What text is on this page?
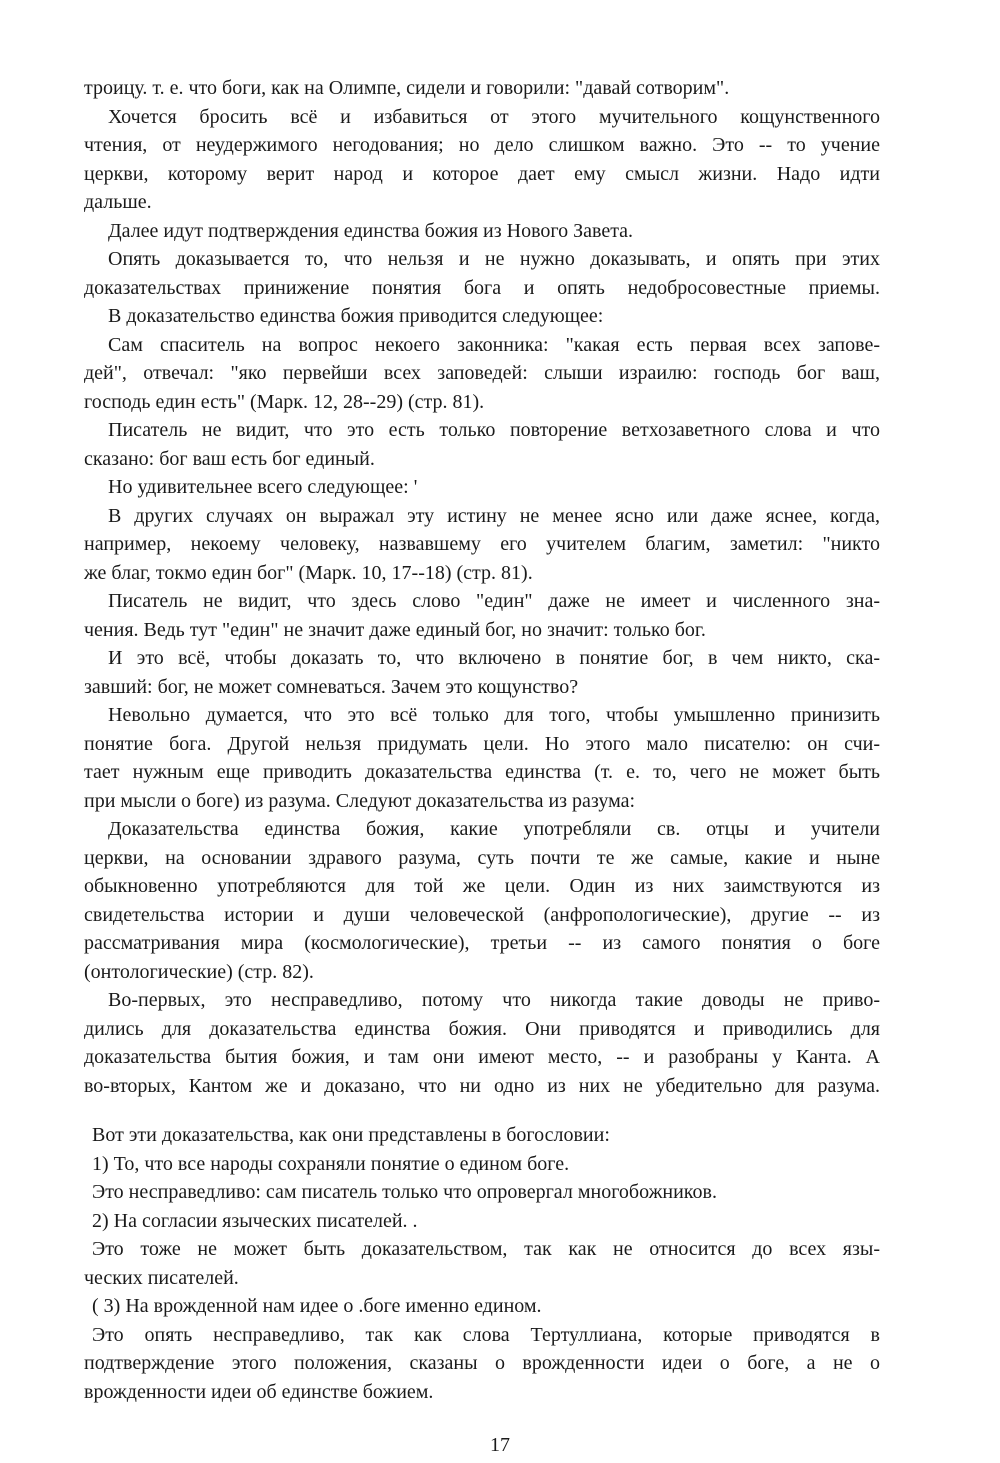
троицу. т. е. что боги, как на Олимпе, сидели и говорили: "давай сотворим".
Хочется бросить всё и избавиться от этого мучительного кощунственного
чтения, от неудержимого негодования; но дело слишком важно. Это -- то учение
церкви, которому верит народ и которое дает ему смысл жизни. Надо идти
дальше.
Далее идут подтверждения единства божия из Нового Завета.
Опять доказывается то, что нельзя и не нужно доказывать, и опять при этих
доказательствах принижение понятия бога и опять недобросовестные приемы.
В доказательство единства божия приводится следующее:
Сам спаситель на вопрос некоего законника: "какая есть первая всех запове-
дей", отвечал: "яко первейши всех заповедей: слыши израилю: господь бог ваш,
господь един есть" (Марк. 12, 28--29) (стр. 81).
Писатель не видит, что это есть только повторение ветхозаветного слова и что
сказано: бог ваш есть бог единый.
Но удивительнее всего следующее: '
В других случаях он выражал эту истину не менее ясно или даже яснее, когда,
например, некоему человеку, назвавшему его учителем благим, заметил: "никто
же благ, токмо един бог" (Марк. 10, 17--18) (стр. 81).
Писатель не видит, что здесь слово "един" даже не имеет и численного зна-
чения. Ведь тут "един" не значит даже единый бог, но значит: только бог.
И это всё, чтобы доказать то, что включено в понятие бог, в чем никто, ска-
завший: бог, не может сомневаться. Зачем это кощунство?
Невольно думается, что это всё только для того, чтобы умышленно принизить
понятие бога. Другой нельзя придумать цели. Но этого мало писателю: он счи-
тает нужным еще приводить доказательства единства (т. е. то, чего не может быть
при мысли о боге) из разума. Следуют доказательства из разума:
Доказательства единства божия, какие употребляли св. отцы и учители
церкви, на основании здравого разума, суть почти те же самые, какие и ныне
обыкновенно употребляются для той же цели. Один из них заимствуются из
свидетельства истории и души человеческой (анфропологические), другие -- из
рассматривания мира (космологические), третьи -- из самого понятия о боге
(онтологические) (стр. 82).
Во-первых, это несправедливо, потому что никогда такие доводы не приво-
дились для доказательства единства божия. Они приводятся и приводились для
доказательства бытия божия, и там они имеют место, -- и разобраны у Канта. А
во-вторых, Кантом же и доказано, что ни одно из них не убедительно для разума.
Вот эти доказательства, как они представлены в богословии:
1) То, что все народы сохраняли понятие о едином боге.
Это несправедливо: сам писатель только что опровергал многобожников.
2) На согласии языческих писателей. .
Это тоже не может быть доказательством, так как не относится до всех язы-
ческих писателей.
( 3) На врожденной нам идее о .боге именно едином.
Это опять несправедливо, так как слова Тертуллиана, которые приводятся в
подтверждение этого положения, сказаны о врожденности идеи о боге, а не о
врожденности идеи об единстве божием.
17
